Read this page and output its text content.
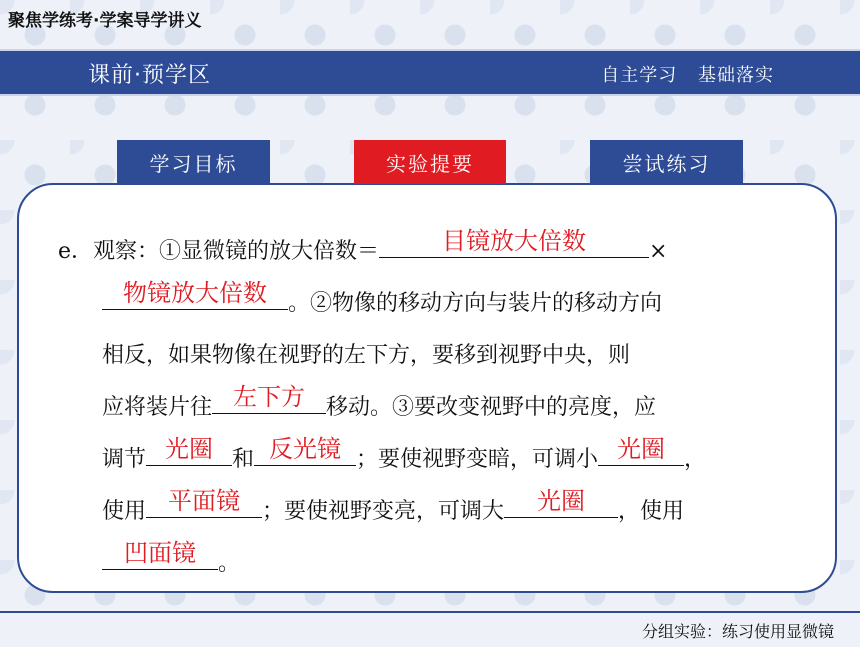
聚焦学练考·学案导学讲义
课前·预学区	自主学习 基础落实
学习目标	实验提要	尝试练习
e．观察：①显微镜的放大倍数＝	目镜放大倍数	×
物镜放大倍数 。②物像的移动方向与装片的移动方向
相反，如果物像在视野的左下方，要移到视野中央，则
应将装片往 左下方 移动。③要改变视野中的亮度，应
调节 光圈 和 反光镜 ；要使视野变暗，可调小 光圈 ，
使用 平面镜	；要使视野变亮，可调大	光圈	，使用
凹面镜	。
分组实验：练习使用显微镜
